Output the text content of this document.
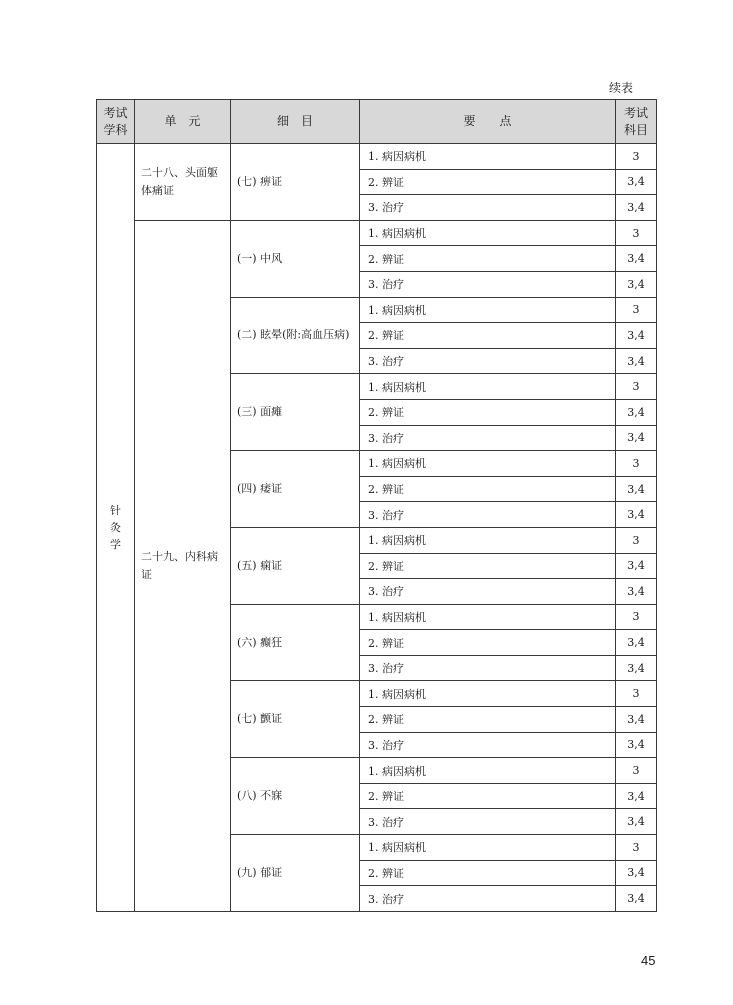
续表
考试学科	单　元	细　目	要　　点	考试科目
针灸学	二十八、头面躯体痛证	(七) 痹证	1. 病因病机	3
			2. 辨证	3,4
			3. 治疗	3,4
	二十九、内科病证	(一) 中风	1. 病因病机	3
			2. 辨证	3,4
			3. 治疗	3,4
		(二) 眩晕(附:高血压病)	1. 病因病机	3
			2. 辨证	3,4
			3. 治疗	3,4
		(三) 面瘫	1. 病因病机	3
			2. 辨证	3,4
			3. 治疗	3,4
		(四) 痿证	1. 病因病机	3
			2. 辨证	3,4
			3. 治疗	3,4
		(五) 痫证	1. 病因病机	3
			2. 辨证	3,4
			3. 治疗	3,4
		(六) 癫狂	1. 病因病机	3
			2. 辨证	3,4
			3. 治疗	3,4
		(七) 颤证	1. 病因病机	3
			2. 辨证	3,4
			3. 治疗	3,4
		(八) 不寐	1. 病因病机	3
			2. 辨证	3,4
			3. 治疗	3,4
		(九) 郁证	1. 病因病机	3
			2. 辨证	3,4
			3. 治疗	3,4
45
